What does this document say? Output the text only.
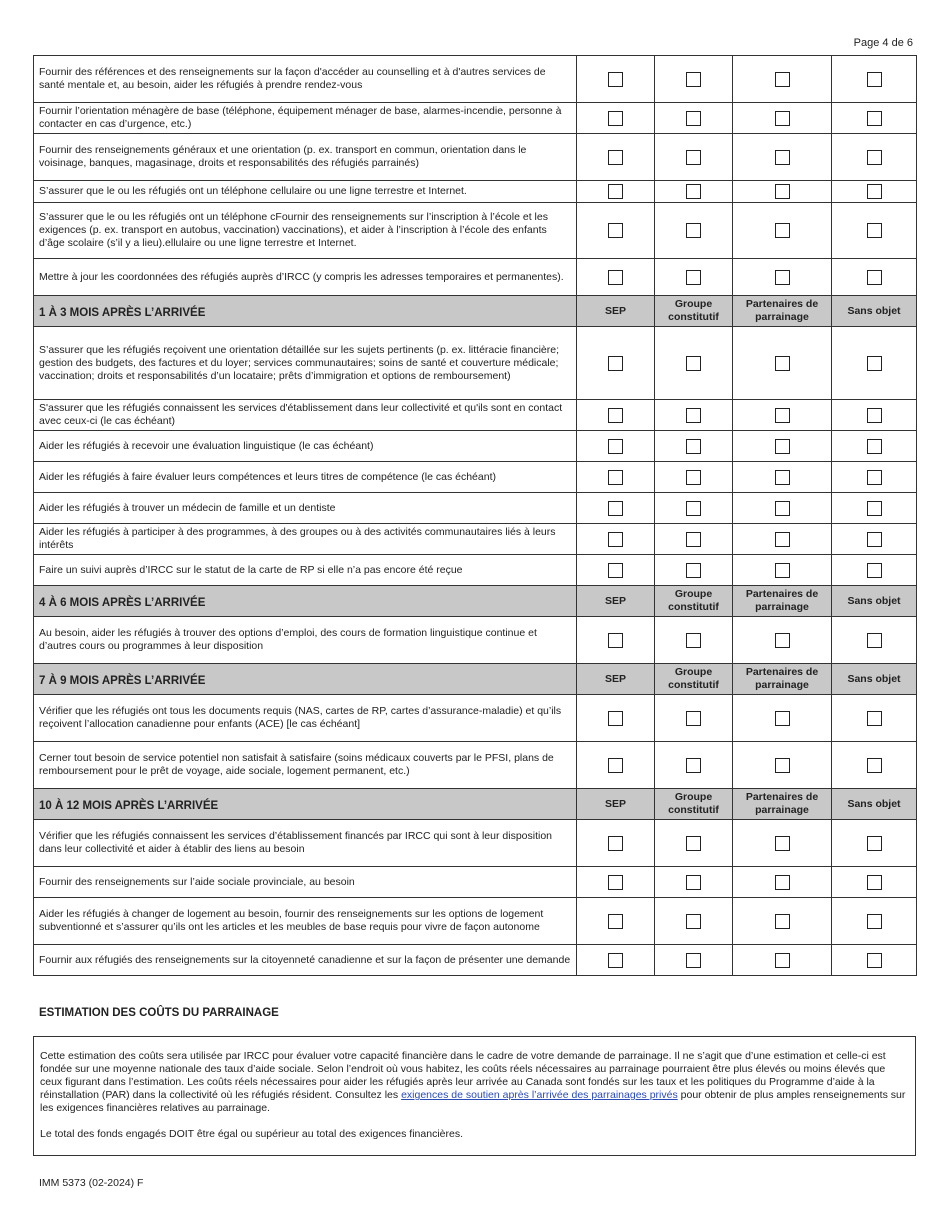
Page 4 de 6
Fournir des références et des renseignements sur la façon d'accéder au counselling et à d'autres services de santé mentale et, au besoin, aider les réfugiés à prendre rendez-vous				
Fournir l’orientation ménagère de base (téléphone, équipement ménager de base, alarmes-incendie, personne à contacter en cas d’urgence, etc.)				
Fournir des renseignements généraux et une orientation (p. ex. transport en commun, orientation dans le voisinage, banques, magasinage, droits et responsabilités des réfugiés parrainés)				
S’assurer que le ou les réfugiés ont un téléphone cellulaire ou une ligne terrestre et Internet.				
S’assurer que le ou les réfugiés ont un téléphone cFournir des renseignements sur l’inscription à l’école et les exigences (p. ex. transport en autobus, vaccination) vaccinations), et aider à l’inscription à l’école des enfants d’âge scolaire (s’il y a lieu).ellulaire ou une ligne terrestre et Internet.				
Mettre à jour les coordonnées des réfugiés auprès d’IRCC (y compris les adresses temporaires et permanentes).				
1 À 3 MOIS APRÈS L’ARRIVÉE	SEP	Groupe constitutif	Partenaires de parrainage	Sans objet
S’assurer que les réfugiés reçoivent une orientation détaillée sur les sujets pertinents (p. ex. littéracie financière; gestion des budgets, des factures et du loyer; services communautaires; soins de santé et couverture médicale; vaccination; droits et responsabilités d’un locataire; prêts d’immigration et options de remboursement)				
S'assurer que les réfugiés connaissent les services d'établissement dans leur collectivité et qu'ils sont en contact avec ceux-ci (le cas échéant)				
Aider les réfugiés à recevoir une évaluation linguistique (le cas échéant)				
Aider les réfugiés à faire évaluer leurs compétences et leurs titres de compétence (le cas échéant)				
Aider les réfugiés à trouver un médecin de famille et un dentiste				
Aider les réfugiés à participer à des programmes, à des groupes ou à des activités communautaires liés à leurs intérêts				
Faire un suivi auprès d’IRCC sur le statut de la carte de RP si elle n’a pas encore été reçue				
4 À 6 MOIS APRÈS L’ARRIVÉE	SEP	Groupe constitutif	Partenaires de parrainage	Sans objet
Au besoin, aider les réfugiés à trouver des options d’emploi, des cours de formation linguistique continue et d’autres cours ou programmes à leur disposition				
7 À 9 MOIS APRÈS L’ARRIVÉE	SEP	Groupe constitutif	Partenaires de parrainage	Sans objet
Vérifier que les réfugiés ont tous les documents requis (NAS, cartes de RP, cartes d’assurance-maladie) et qu’ils reçoivent l’allocation canadienne pour enfants (ACE) [le cas échéant]				
Cerner tout besoin de service potentiel non satisfait à satisfaire (soins médicaux couverts par le PFSI, plans de remboursement pour le prêt de voyage, aide sociale, logement permanent, etc.)				
10 À 12 MOIS APRÈS L’ARRIVÉE	SEP	Groupe constitutif	Partenaires de parrainage	Sans objet
Vérifier que les réfugiés connaissent les services d’établissement financés par IRCC qui sont à leur disposition dans leur collectivité et aider à établir des liens au besoin				
Fournir des renseignements sur l’aide sociale provinciale, au besoin				
Aider les réfugiés à changer de logement au besoin, fournir des renseignements sur les options de logement subventionné et s’assurer qu’ils ont les articles et les meubles de base requis pour vivre de façon autonome				
Fournir aux réfugiés des renseignements sur la citoyenneté canadienne et sur la façon de présenter une demande				
ESTIMATION DES COÛTS DU PARRAINAGE

Cette estimation des coûts sera utilisée par IRCC pour évaluer votre capacité financière dans le cadre de votre demande de parrainage. Il ne s’agit que d’une estimation et celle-ci est fondée sur une moyenne nationale des taux d’aide sociale. Selon l’endroit où vous habitez, les coûts réels nécessaires au parrainage pourraient être plus élevés ou moins élevés que ceux figurant dans l’estimation. Les coûts réels nécessaires pour aider les réfugiés après leur arrivée au Canada sont fondés sur les taux et les politiques du Programme d’aide à la réinstallation (PAR) dans la collectivité où les réfugiés résident. Consultez les exigences de soutien après l’arrivée des parrainages privés pour obtenir de plus amples renseignements sur les exigences financières relatives au parrainage.

Le total des fonds engagés DOIT être égal ou supérieur au total des exigences financières.

IMM 5373 (02-2024) F
